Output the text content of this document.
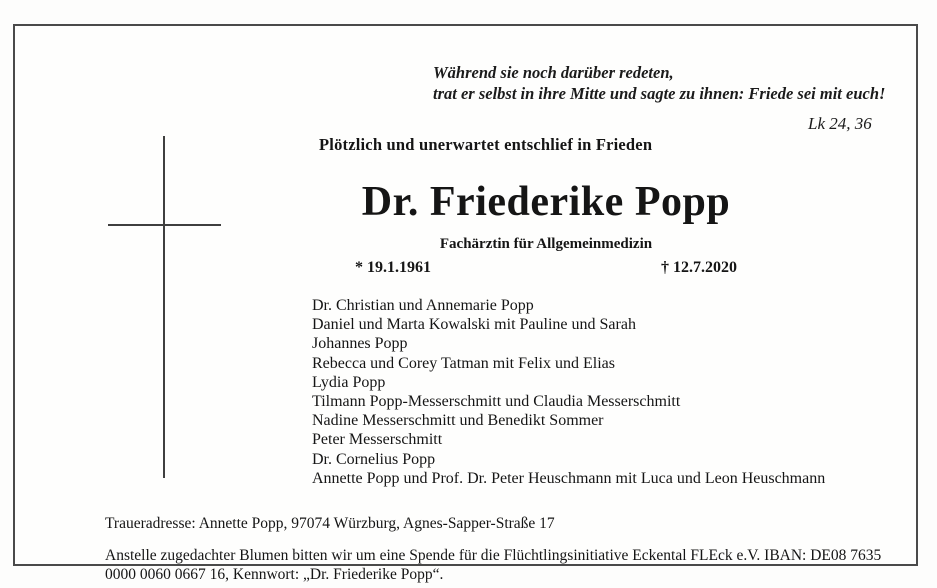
Während sie noch darüber redeten,
trat er selbst in ihre Mitte und sagte zu ihnen: Friede sei mit euch!
Lk 24, 36
Plötzlich und unerwartet entschlief in Frieden
Dr. Friederike Popp
Fachärztin für Allgemeinmedizin
* 19.1.1961	† 12.7.2020
Dr. Christian und Annemarie Popp
Daniel und Marta Kowalski mit Pauline und Sarah
Johannes Popp
Rebecca und Corey Tatman mit Felix und Elias
Lydia Popp
Tilmann Popp-Messerschmitt und Claudia Messerschmitt
Nadine Messerschmitt und Benedikt Sommer
Peter Messerschmitt
Dr. Cornelius Popp
Annette Popp und Prof. Dr. Peter Heuschmann mit Luca und Leon Heuschmann
Traueradresse: Annette Popp, 97074 Würzburg, Agnes-Sapper-Straße 17
Anstelle zugedachter Blumen bitten wir um eine Spende für die Flüchtlingsinitiative Eckental FLEck e.V. IBAN: DE08 7635
0000 0060 0667 16, Kennwort: „Dr. Friederike Popp“.
